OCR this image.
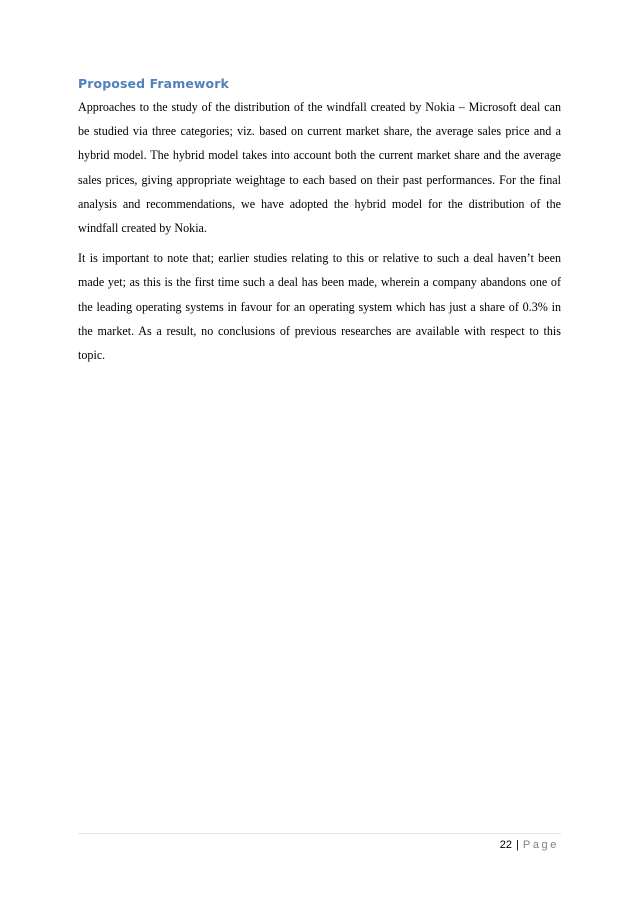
Proposed Framework

Approaches to the study of the distribution of the windfall created by Nokia – Microsoft deal can be studied via three categories; viz. based on current market share, the average sales price and a hybrid model. The hybrid model takes into account both the current market share and the average sales prices, giving appropriate weightage to each based on their past performances. For the final analysis and recommendations, we have adopted the hybrid model for the distribution of the windfall created by Nokia.

It is important to note that; earlier studies relating to this or relative to such a deal haven’t been made yet; as this is the first time such a deal has been made, wherein a company abandons one of the leading operating systems in favour for an operating system which has just a share of 0.3% in the market. As a result, no conclusions of previous researches are available with respect to this topic.

22 | Page
